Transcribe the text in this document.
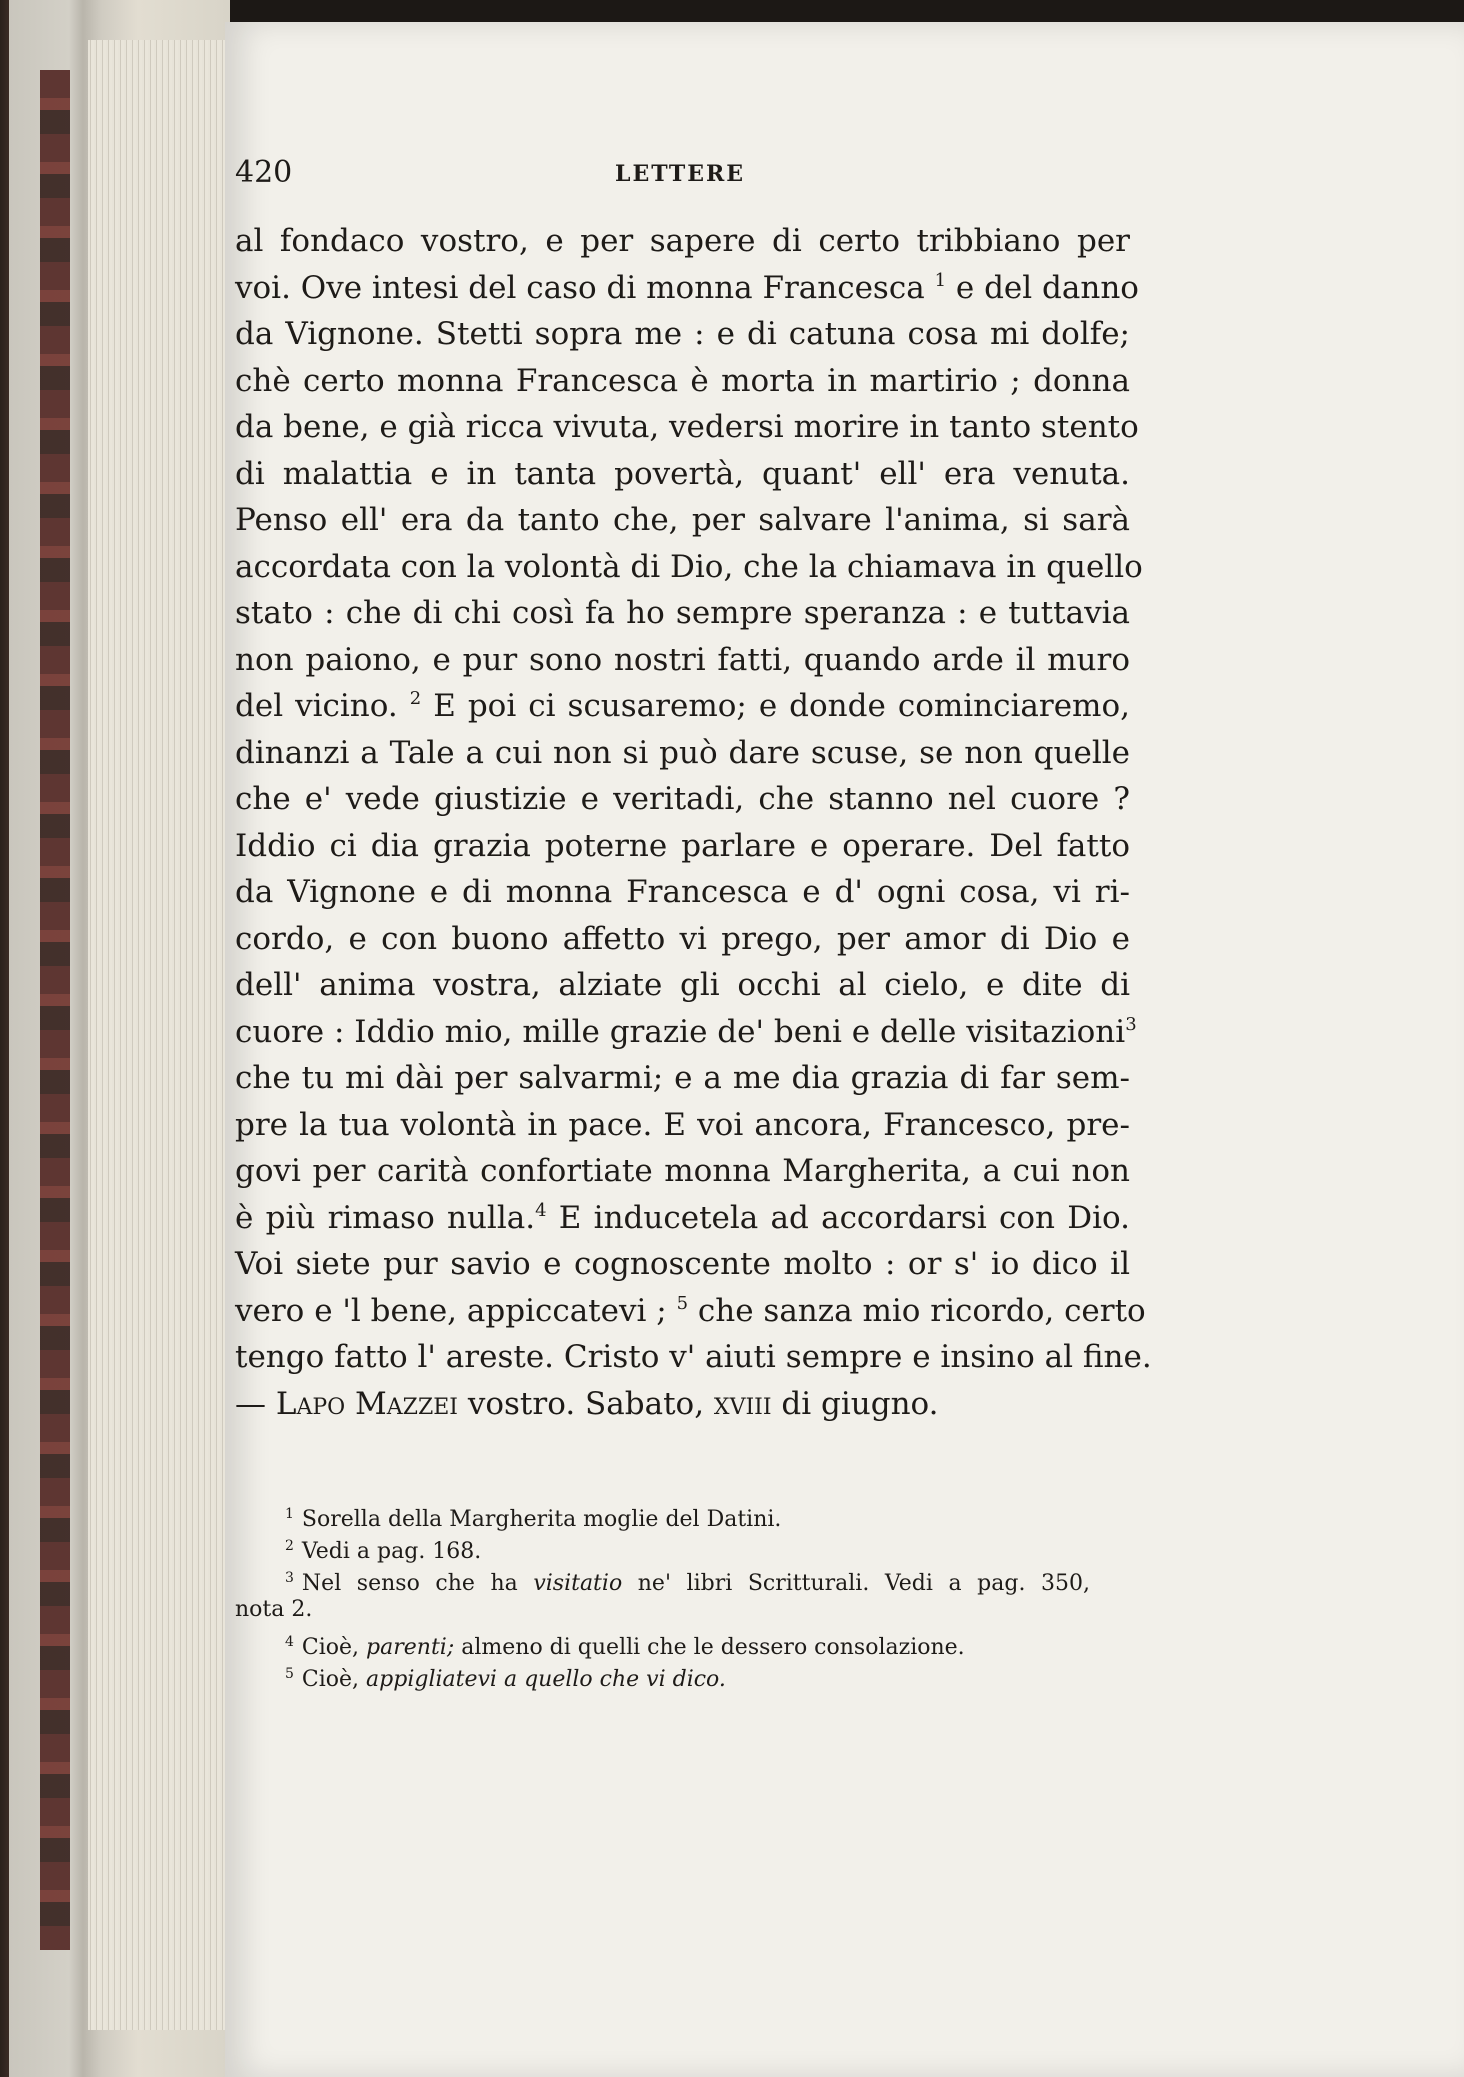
420	LETTERE
al fondaco vostro, e per sapere di certo tribbiano per
voi. Ove intesi del caso di monna Francesca $^1$ e del danno
da Vignone. Stetti sopra me : e di catuna cosa mi dolfe;
chè certo monna Francesca è morta in martirio ; donna
da bene, e già ricca vivuta, vedersi morire in tanto stento
di malattia e in tanta povertà, quant' ell' era venuta.
Penso ell' era da tanto che, per salvare l'anima, si sarà
accordata con la volontà di Dio, che la chiamava in quello
stato : che di chi così fa ho sempre speranza : e tuttavia
non paiono, e pur sono nostri fatti, quando arde il muro
del vicino. $^2$ E poi ci scusaremo; e donde cominciaremo,
dinanzi a Tale a cui non si può dare scuse, se non quelle
che e' vede giustizie e veritadi, che stanno nel cuore ?
Iddio ci dia grazia poterne parlare e operare. Del fatto
da Vignone e di monna Francesca e d' ogni cosa, vi ri-
cordo, e con buono affetto vi prego, per amor di Dio e
dell' anima vostra, alziate gli occhi al cielo, e dite di
cuore : Iddio mio, mille grazie de' beni e delle visitazioni$^3$
che tu mi dài per salvarmi; e a me dia grazia di far sem-
pre la tua volontà in pace. E voi ancora, Francesco, pre-
govi per carità confortiate monna Margherita, a cui non
è più rimaso nulla.$^4$ E inducetela ad accordarsi con Dio.
Voi siete pur savio e cognoscente molto : or s' io dico il
vero e 'l bene, appiccatevi ; $^5$ che sanza mio ricordo, certo
tengo fatto l' areste. Cristo v' aiuti sempre e insino al fine.
— Lapo Mazzei vostro. Sabato, xviii di giugno.
$^1$ Sorella della Margherita moglie del Datini.
$^2$ Vedi a pag. 168.
$^3$ Nel senso che ha visitatio ne' libri Scritturali. Vedi a pag. 350,
nota 2.
$^4$ Cioè, parenti; almeno di quelli che le dessero consolazione.
$^5$ Cioè, appigliatevi a quello che vi dico.
